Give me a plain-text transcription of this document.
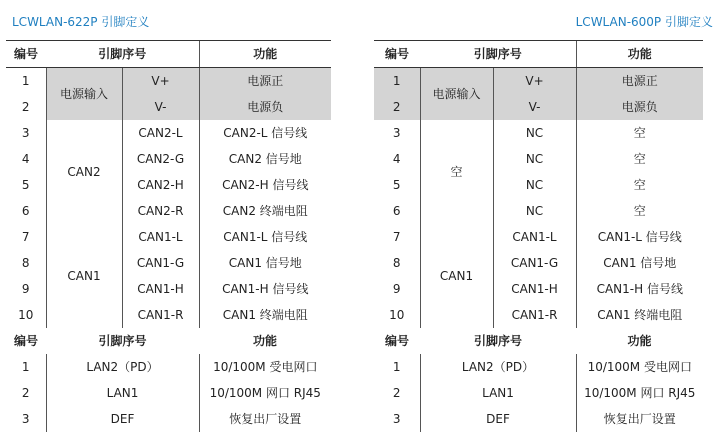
LCWLAN-622P 引脚定义	LCWLAN-600P 引脚定义
编号	引脚序号		功能
1	电源输入	V+	电源正
2		V-	电源负
3	CAN2	CAN2-L	CAN2-L 信号线
4		CAN2-G	CAN2 信号地
5		CAN2-H	CAN2-H 信号线
6		CAN2-R	CAN2 终端电阻
7	CAN1	CAN1-L	CAN1-L 信号线
8		CAN1-G	CAN1 信号地
9		CAN1-H	CAN1-H 信号线
10		CAN1-R	CAN1 终端电阻
编号	引脚序号		功能
1	LAN2（PD）		10/100M 受电网口
2	LAN1		10/100M 网口 RJ45
3	DEF		恢复出厂设置
编号	引脚序号		功能
1	电源输入	V+	电源正
2		V-	电源负
3	空	NC	空
4		NC	空
5		NC	空
6		NC	空
7	CAN1	CAN1-L	CAN1-L 信号线
8		CAN1-G	CAN1 信号地
9		CAN1-H	CAN1-H 信号线
10		CAN1-R	CAN1 终端电阻
编号	引脚序号		功能
1	LAN2（PD）		10/100M 受电网口
2	LAN1		10/100M 网口 RJ45
3	DEF		恢复出厂设置
